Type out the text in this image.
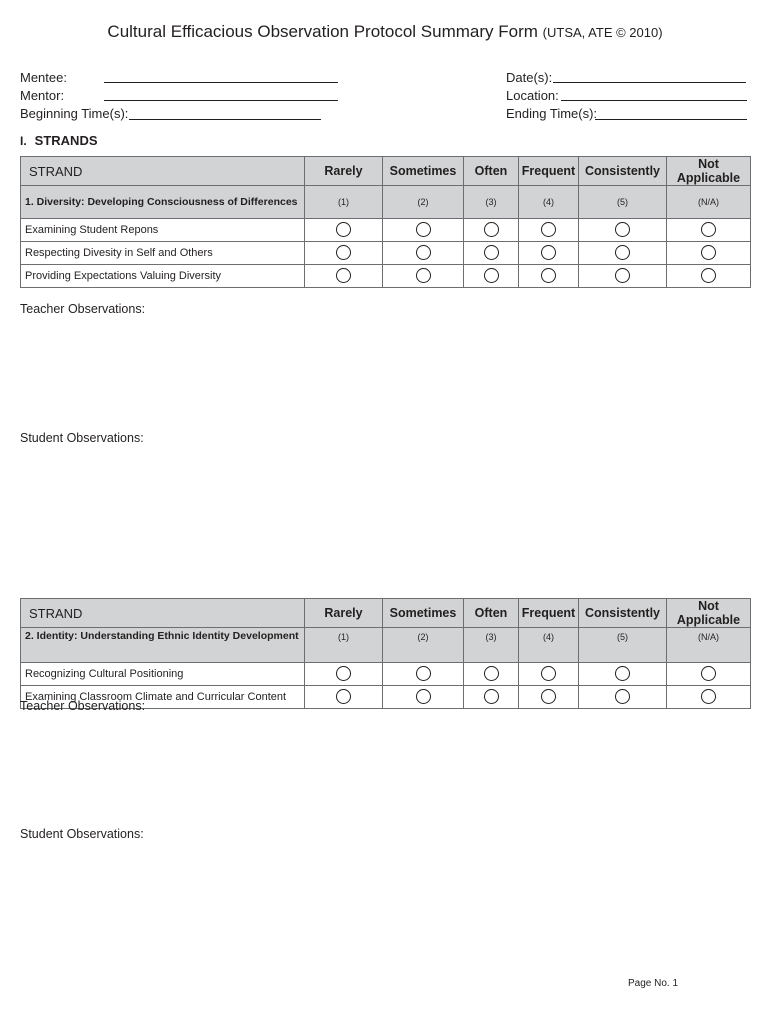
Cultural Efficacious Observation Protocol Summary Form (UTSA, ATE © 2010)
Mentee:
Mentor:
Beginning Time(s):
Date(s):
Location:
Ending Time(s):
I. STRANDS
STRAND	Rarely	Sometimes	Often	Frequent	Consistently	Not Applicable
1. Diversity: Developing Consciousness of Differences	(1)	(2)	(3)	(4)	(5)	(N/A)
Examining Student Repons						
Respecting Divesity in Self and Others						
Providing Expectations Valuing Diversity						
Teacher Observations:
Student Observations:
STRAND	Rarely	Sometimes	Often	Frequent	Consistently	Not Applicable
2. Identity: Understanding Ethnic Identity Development	(1)	(2)	(3)	(4)	(5)	(N/A)
Recognizing Cultural Positioning						
Examining Classroom Climate and Curricular Content						
Teacher Observations:
Student Observations:
Page No. 1
